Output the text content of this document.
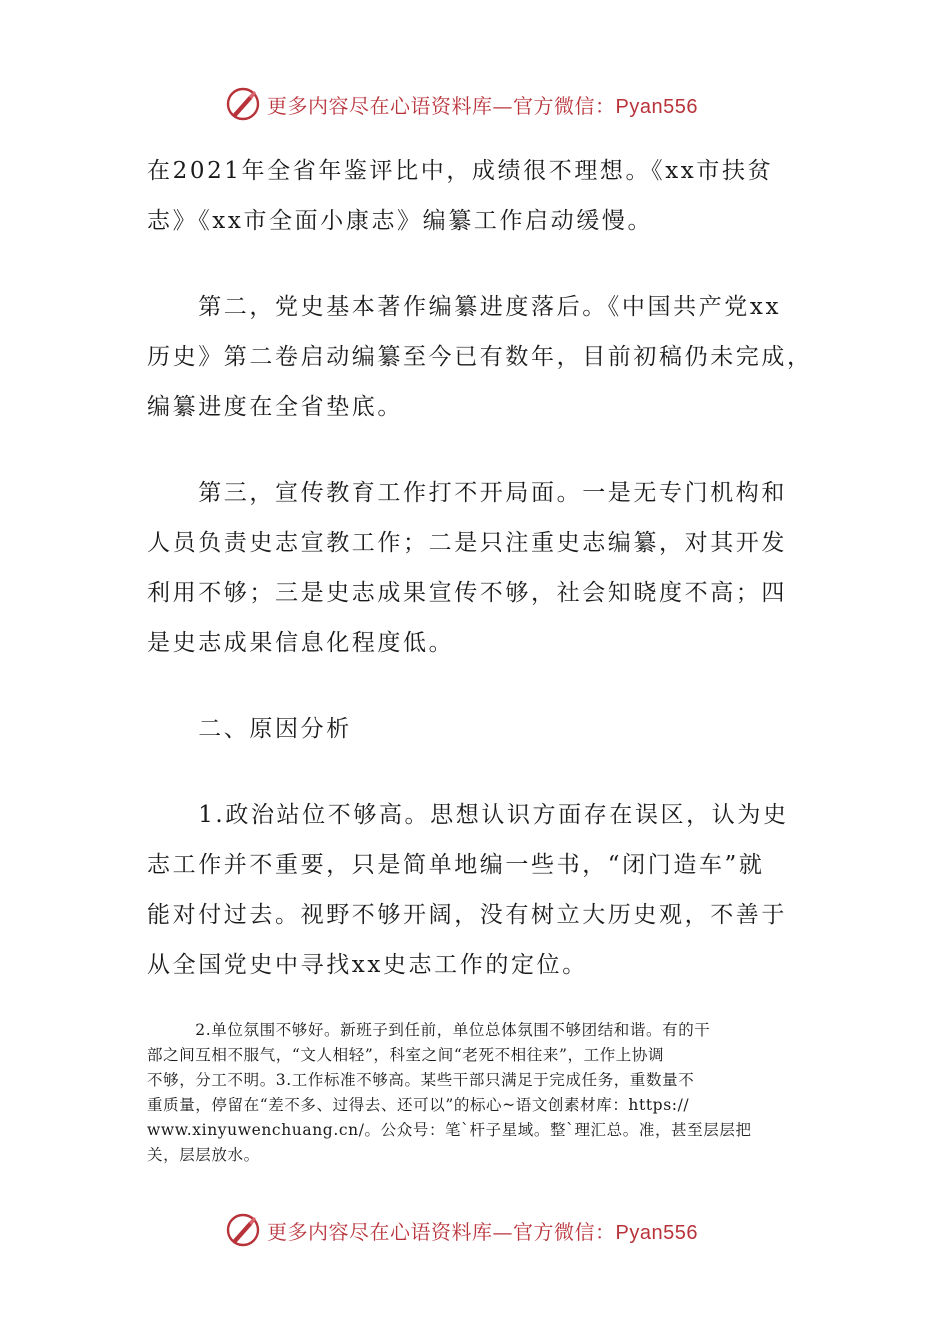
更多内容尽在心语资料库—官方微信：Pyan556
在2021年全省年鉴评比中，成绩很不理想。《xx市扶贫
志》《xx市全面小康志》编纂工作启动缓慢。
　　第二，党史基本著作编纂进度落后。《中国共产党xx
历史》第二卷启动编纂至今已有数年，目前初稿仍未完成，
编纂进度在全省垫底。
　　第三，宣传教育工作打不开局面。一是无专门机构和
人员负责史志宣教工作；二是只注重史志编纂，对其开发
利用不够；三是史志成果宣传不够，社会知晓度不高；四
是史志成果信息化程度低。
　　二、原因分析
　　1.政治站位不够高。思想认识方面存在误区，认为史
志工作并不重要，只是简单地编一些书，“闭门造车”就
能对付过去。视野不够开阔，没有树立大历史观，不善于
从全国党史中寻找xx史志工作的定位。
　　　2.单位氛围不够好。新班子到任前，单位总体氛围不够团结和谐。有的干
部之间互相不服气，“文人相轻”，科室之间“老死不相往来”，工作上协调
不够，分工不明。3.工作标准不够高。某些干部只满足于完成任务，重数量不
重质量，停留在“差不多、过得去、还可以”的标心~语文创素材库：https://
www.xinyuwenchuang.cn/。公众号：笔`杆子星域。整`理汇总。准，甚至层层把
关，层层放水。
更多内容尽在心语资料库—官方微信：Pyan556
